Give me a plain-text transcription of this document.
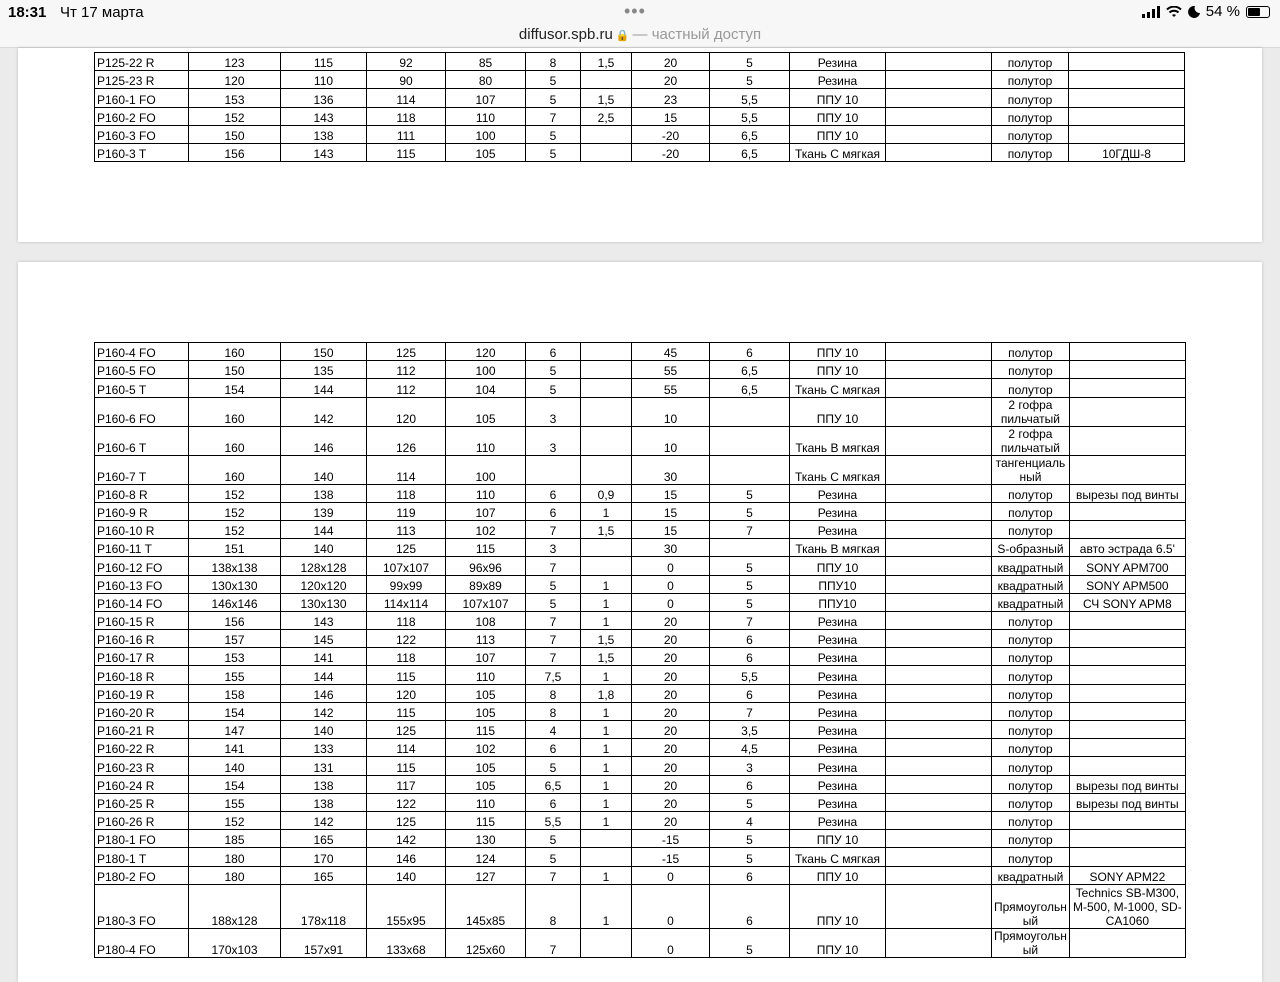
18:31 Чт 17 марта	•••	54 %
diffusor.spb.ru 🔒 — частный доступ
P125-22 R	123	115	92	85	8	1,5	20	5	Резина		полутор	
P125-23 R	120	110	90	80	5		20	5	Резина		полутор	
P160-1 FO	153	136	114	107	5	1,5	23	5,5	ППУ 10		полутор	
P160-2 FO	152	143	118	110	7	2,5	15	5,5	ППУ 10		полутор	
P160-3 FO	150	138	111	100	5		-20	6,5	ППУ 10		полутор	
P160-3 T	156	143	115	105	5		-20	6,5	Ткань С мягкая		полутор	10ГДШ-8
P160-4 FO	160	150	125	120	6		45	6	ППУ 10		полутор	
P160-5 FO	150	135	112	100	5		55	6,5	ППУ 10		полутор	
P160-5 T	154	144	112	104	5		55	6,5	Ткань С мягкая		полутор	
P160-6 FO	160	142	120	105	3		10		ППУ 10		2 гофра пильчатый	
P160-6 T	160	146	126	110	3		10		Ткань В мягкая		2 гофра пильчатый	
P160-7 T	160	140	114	100			30		Ткань С мягкая		тангенциаль ный	
P160-8 R	152	138	118	110	6	0,9	15	5	Резина		полутор	вырезы под винты
P160-9 R	152	139	119	107	6	1	15	5	Резина		полутор	
P160-10 R	152	144	113	102	7	1,5	15	7	Резина		полутор	
P160-11 T	151	140	125	115	3		30		Ткань В мягкая		S-образный	авто эстрада 6.5'
P160-12 FO	138x138	128x128	107x107	96x96	7		0	5	ППУ 10		квадратный	SONY APM700
P160-13 FO	130x130	120x120	99x99	89x89	5	1	0	5	ППУ10		квадратный	SONY APM500
P160-14 FO	146x146	130x130	114x114	107x107	5	1	0	5	ППУ10		квадратный	СЧ SONY APM8
P160-15 R	156	143	118	108	7	1	20	7	Резина		полутор	
P160-16 R	157	145	122	113	7	1,5	20	6	Резина		полутор	
P160-17 R	153	141	118	107	7	1,5	20	6	Резина		полутор	
P160-18 R	155	144	115	110	7,5	1	20	5,5	Резина		полутор	
P160-19 R	158	146	120	105	8	1,8	20	6	Резина		полутор	
P160-20 R	154	142	115	105	8	1	20	7	Резина		полутор	
P160-21 R	147	140	125	115	4	1	20	3,5	Резина		полутор	
P160-22 R	141	133	114	102	6	1	20	4,5	Резина		полутор	
P160-23 R	140	131	115	105	5	1	20	3	Резина		полутор	
P160-24 R	154	138	117	105	6,5	1	20	6	Резина		полутор	вырезы под винты
P160-25 R	155	138	122	110	6	1	20	5	Резина		полутор	вырезы под винты
P160-26 R	152	142	125	115	5,5	1	20	4	Резина		полутор	
P180-1 FO	185	165	142	130	5		-15	5	ППУ 10		полутор	
P180-1 T	180	170	146	124	5		-15	5	Ткань С мягкая		полутор	
P180-2 FO	180	165	140	127	7	1	0	6	ППУ 10		квадратный	SONY APM22
P180-3 FO	188x128	178x118	155x95	145x85	8	1	0	6	ППУ 10		Прямоугольн ый	Technics SB-M300, M-500, M-1000, SD-CA1060
P180-4 FO	170x103	157x91	133x68	125x60	7		0	5	ППУ 10		Прямоугольн ый	
